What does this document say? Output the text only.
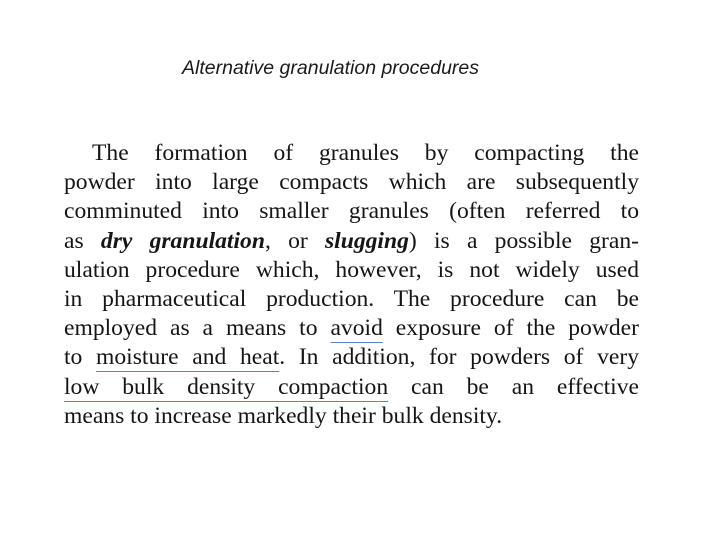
Alternative granulation procedures
The formation of granules by compacting the
powder into large compacts which are subsequently
comminuted into smaller granules (often referred to
as dry granulation, or slugging) is a possible gran-
ulation procedure which, however, is not widely used
in pharmaceutical production. The procedure can be
employed as a means to avoid exposure of the powder
to moisture and heat. In addition, for powders of very
low bulk density compaction can be an effective
means to increase markedly their bulk density.
